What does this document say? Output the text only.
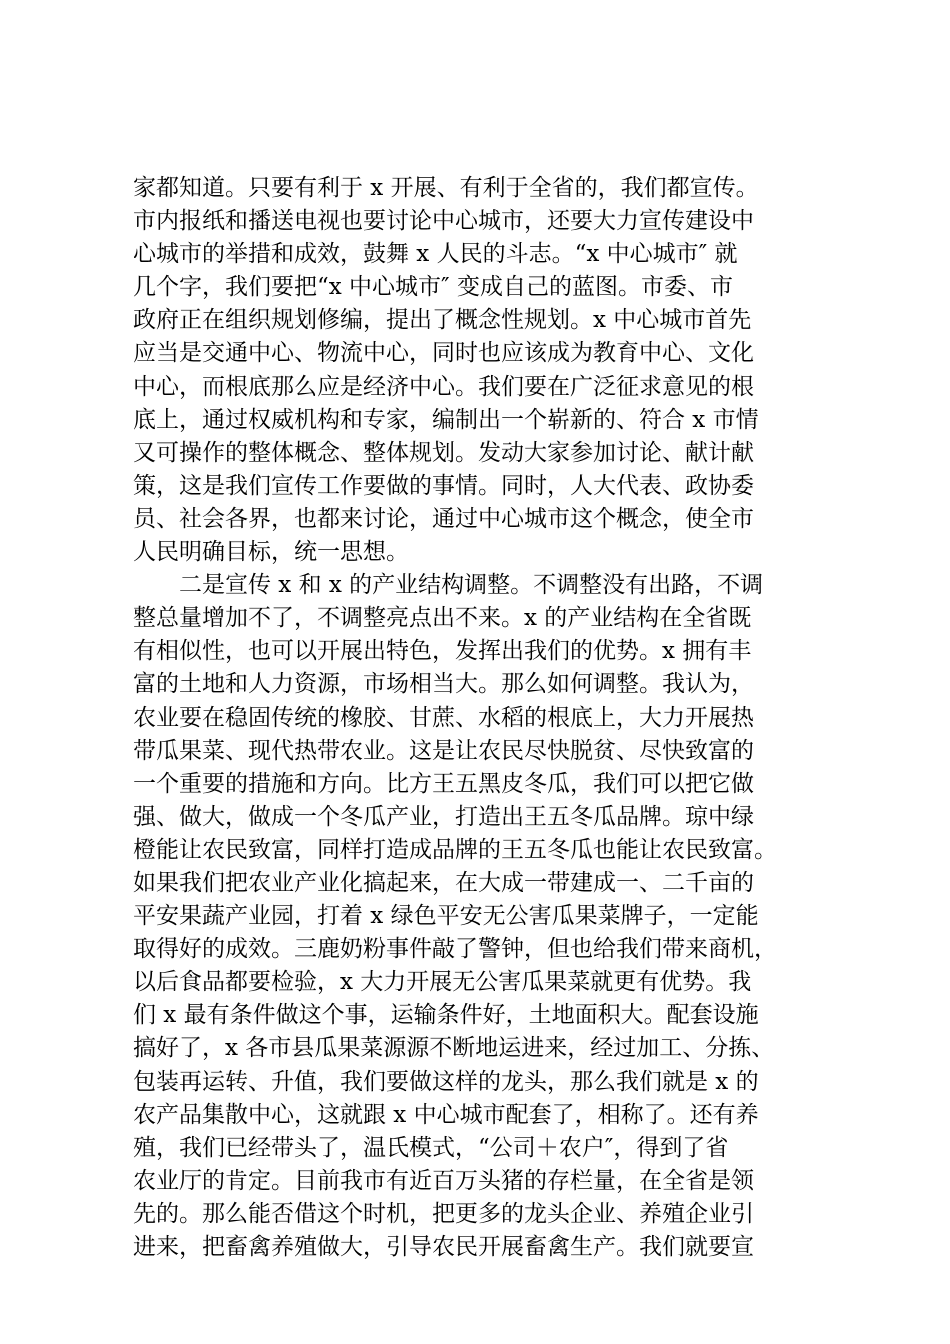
家都知道。只要有利于 x 开展、有利于全省的，我们都宣传。
市内报纸和播送电视也要讨论中心城市，还要大力宣传建设中
心城市的举措和成效，鼓舞 x 人民的斗志。“x 中心城市″ 就
几个字，我们要把“x 中心城市″ 变成自己的蓝图。市委、市
政府正在组织规划修编，提出了概念性规划。x 中心城市首先
应当是交通中心、物流中心，同时也应该成为教育中心、文化
中心，而根底那么应是经济中心。我们要在广泛征求意见的根
底上，通过权威机构和专家，编制出一个崭新的、符合 x 市情
又可操作的整体概念、整体规划。发动大家参加讨论、献计献
策，这是我们宣传工作要做的事情。同时，人大代表、政协委
员、社会各界，也都来讨论，通过中心城市这个概念，使全市
人民明确目标，统一思想。
　　二是宣传 x 和 x 的产业结构调整。不调整没有出路，不调
整总量增加不了，不调整亮点出不来。x 的产业结构在全省既
有相似性，也可以开展出特色，发挥出我们的优势。x 拥有丰
富的土地和人力资源，市场相当大。那么如何调整。我认为，
农业要在稳固传统的橡胶、甘蔗、水稻的根底上，大力开展热
带瓜果菜、现代热带农业。这是让农民尽快脱贫、尽快致富的
一个重要的措施和方向。比方王五黑皮冬瓜，我们可以把它做
强、做大，做成一个冬瓜产业，打造出王五冬瓜品牌。琼中绿
橙能让农民致富，同样打造成品牌的王五冬瓜也能让农民致富。
如果我们把农业产业化搞起来，在大成一带建成一、二千亩的
平安果蔬产业园，打着 x 绿色平安无公害瓜果菜牌子，一定能
取得好的成效。三鹿奶粉事件敲了警钟，但也给我们带来商机，
以后食品都要检验，x 大力开展无公害瓜果菜就更有优势。我
们 x 最有条件做这个事，运输条件好，土地面积大。配套设施
搞好了，x 各市县瓜果菜源源不断地运进来，经过加工、分拣、
包装再运转、升值，我们要做这样的龙头，那么我们就是 x 的
农产品集散中心，这就跟 x 中心城市配套了，相称了。还有养
殖，我们已经带头了，温氏模式，“公司＋农户″，得到了省
农业厅的肯定。目前我市有近百万头猪的存栏量，在全省是领
先的。那么能否借这个时机，把更多的龙头企业、养殖企业引
进来，把畜禽养殖做大，引导农民开展畜禽生产。我们就要宣
